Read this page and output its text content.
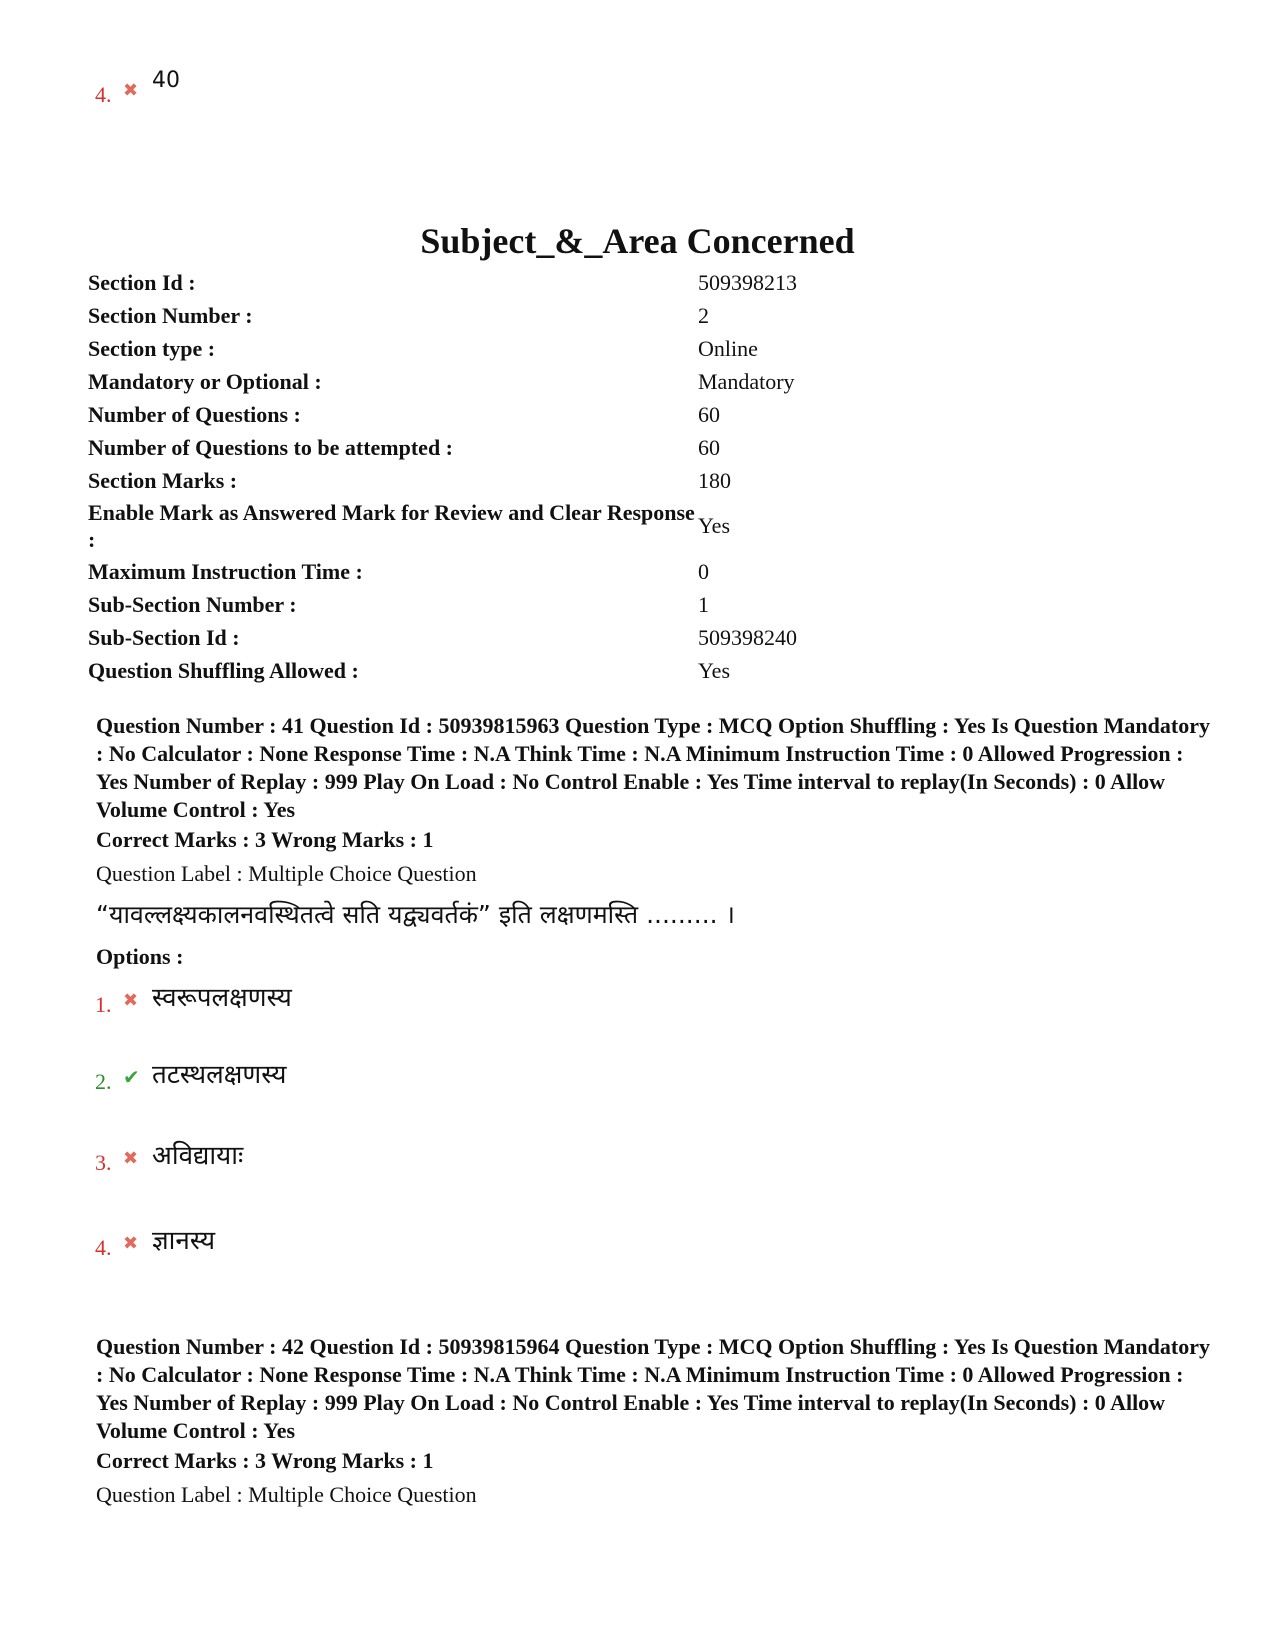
4. ✖ 40
Subject_&_Area Concerned
Section Id :	509398213
Section Number :	2
Section type :	Online
Mandatory or Optional :	Mandatory
Number of Questions :	60
Number of Questions to be attempted :	60
Section Marks :	180
Enable Mark as Answered Mark for Review and Clear Response :	Yes
Maximum Instruction Time :	0
Sub-Section Number :	1
Sub-Section Id :	509398240
Question Shuffling Allowed :	Yes
Question Number : 41 Question Id : 50939815963 Question Type : MCQ Option Shuffling : Yes Is Question Mandatory : No Calculator : None Response Time : N.A Think Time : N.A Minimum Instruction Time : 0 Allowed Progression : Yes Number of Replay : 999 Play On Load : No Control Enable : Yes Time interval to replay(In Seconds) : 0 Allow Volume Control : Yes
Correct Marks : 3 Wrong Marks : 1
Question Label : Multiple Choice Question
“यावल्लक्ष्यकालनवस्थितत्वे सति यद्व्यवर्तकं” इति लक्षणमस्ति ......... ।
Options :
1. ✖ स्वरूपलक्षणस्य
2. ✔ तटस्थलक्षणस्य
3. ✖ अविद्यायाः
4. ✖ ज्ञानस्य
Question Number : 42 Question Id : 50939815964 Question Type : MCQ Option Shuffling : Yes Is Question Mandatory : No Calculator : None Response Time : N.A Think Time : N.A Minimum Instruction Time : 0 Allowed Progression : Yes Number of Replay : 999 Play On Load : No Control Enable : Yes Time interval to replay(In Seconds) : 0 Allow Volume Control : Yes
Correct Marks : 3 Wrong Marks : 1
Question Label : Multiple Choice Question
